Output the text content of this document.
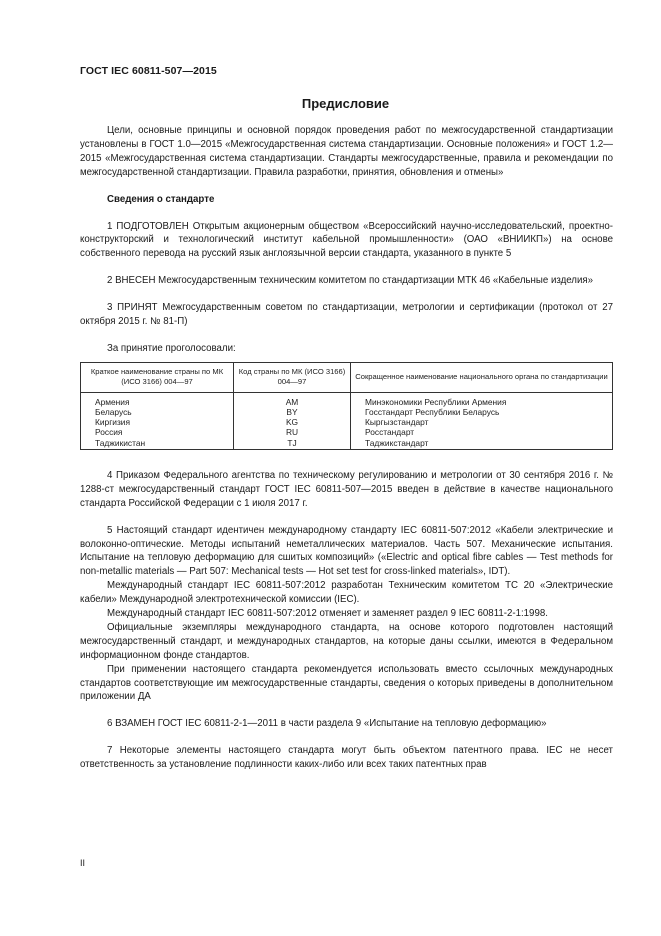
ГОСТ IEC 60811-507—2015
Предисловие

Цели, основные принципы и основной порядок проведения работ по межгосударственной стандартизации установлены в ГОСТ 1.0—2015 «Межгосударственная система стандартизации. Основные положения» и ГОСТ 1.2—2015 «Межгосударственная система стандартизации. Стандарты межгосударственные, правила и рекомендации по межгосударственной стандартизации. Правила разработки, принятия, обновления и отмены»

Сведения о стандарте

1 ПОДГОТОВЛЕН Открытым акционерным обществом «Всероссийский научно-исследовательский, проектно-конструкторский и технологический институт кабельной промышленности» (ОАО «ВНИИКП») на основе собственного перевода на русский язык англоязычной версии стандарта, указанного в пункте 5

2 ВНЕСЕН Межгосударственным техническим комитетом по стандартизации МТК 46 «Кабельные изделия»

3 ПРИНЯТ Межгосударственным советом по стандартизации, метрологии и сертификации (протокол от 27 октября 2015 г. № 81-П)

За принятие проголосовали:

Краткое наименование страны по МК (ИСО 3166) 004—97	Код страны по МК (ИСО 3166) 004—97	Сокращенное наименование национального органа по стандартизации
Армения	AM	Минэкономики Республики Армения
Беларусь	BY	Госстандарт Республики Беларусь
Киргизия	KG	Кыргызстандарт
Россия	RU	Росстандарт
Таджикистан	TJ	Таджикстандарт

4 Приказом Федерального агентства по техническому регулированию и метрологии от 30 сентября 2016 г. № 1288-ст межгосударственный стандарт ГОСТ IEC 60811-507—2015 введен в действие в качестве национального стандарта Российской Федерации с 1 июля 2017 г.

5 Настоящий стандарт идентичен международному стандарту IEC 60811-507:2012 «Кабели электрические и волоконно-оптические. Методы испытаний неметаллических материалов. Часть 507. Механические испытания. Испытание на тепловую деформацию для сшитых композиций» («Electric and optical fibre cables — Test methods for non-metallic materials — Part 507: Mechanical tests — Hot set test for cross-linked materials», IDT).

Международный стандарт IEC 60811-507:2012 разработан Техническим комитетом TC 20 «Электрические кабели» Международной электротехнической комиссии (IEC).

Международный стандарт IEC 60811-507:2012 отменяет и заменяет раздел 9 IEC 60811-2-1:1998.

Официальные экземпляры международного стандарта, на основе которого подготовлен настоящий межгосударственный стандарт, и международных стандартов, на которые даны ссылки, имеются в Федеральном информационном фонде стандартов.

При применении настоящего стандарта рекомендуется использовать вместо ссылочных международных стандартов соответствующие им межгосударственные стандарты, сведения о которых приведены в дополнительном приложении ДА

6 ВЗАМЕН ГОСТ IEC 60811-2-1—2011 в части раздела 9 «Испытание на тепловую деформацию»

7 Некоторые элементы настоящего стандарта могут быть объектом патентного права. IEC не несет ответственность за установление подлинности каких-либо или всех таких патентных прав

II
